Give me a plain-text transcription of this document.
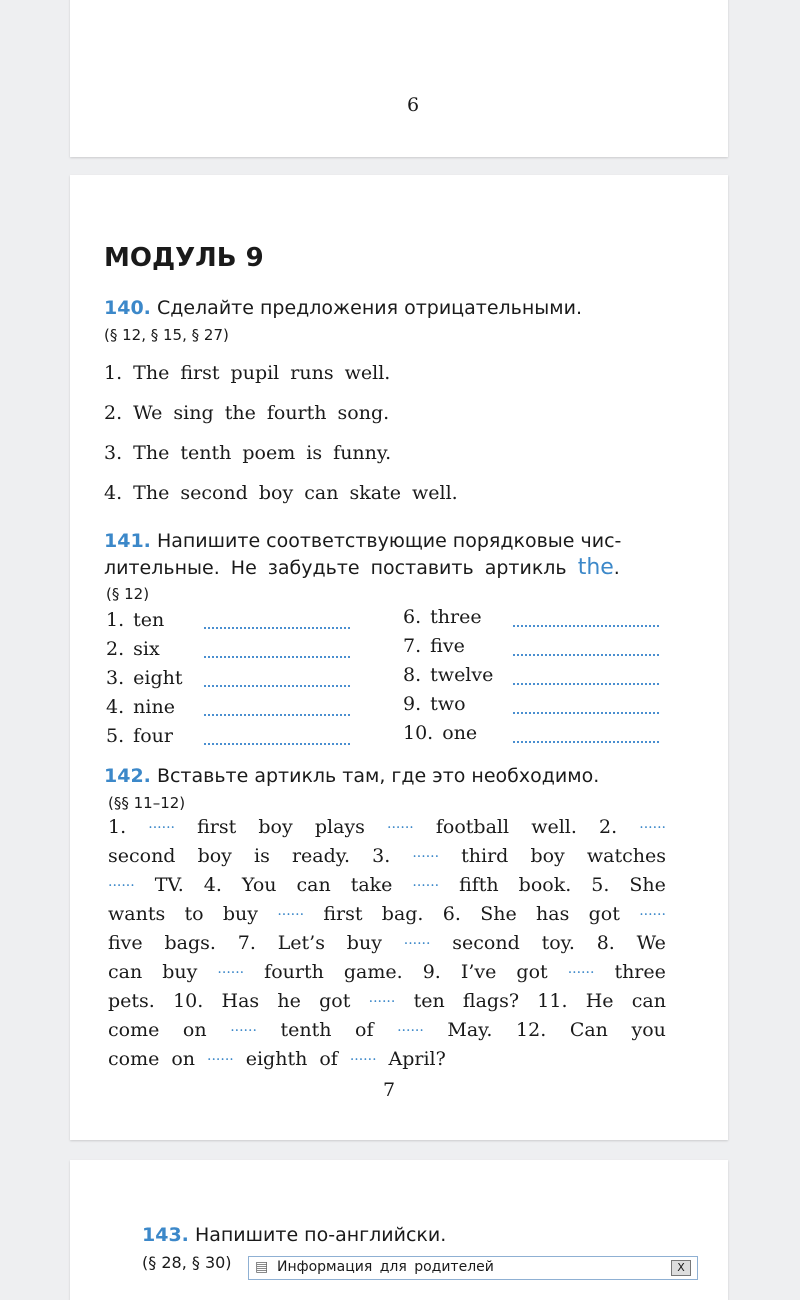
6
МОДУЛЬ 9
140. Сделайте предложения отрицательными.
(§ 12, § 15, § 27)
1. The first pupil runs well.
2. We sing the fourth song.
3. The tenth poem is funny.
4. The second boy can skate well.
141. Напишите соответствующие порядковые чис-
лительные. Не забудьте поставить артикль the.
(§ 12)
1. ten	6. three
2. six	7. five
3. eight	8. twelve
4. nine	9. two
5. four	10. one
142. Вставьте артикль там, где это необходимо.
(§§ 11–12)
1. ...... first boy plays ...... football well. 2. ......
second boy is ready. 3. ...... third boy watches
...... TV. 4. You can take ...... fifth book. 5. She
wants to buy ...... first bag. 6. She has got ......
five bags. 7. Let’s buy ...... second toy. 8. We
can buy ...... fourth game. 9. I’ve got ...... three
pets. 10. Has he got ...... ten flags? 11. He can
come on ...... tenth of ...... May. 12. Can you
come on ...... eighth of ...... April?
7
143. Напишите по-английски.
(§ 28, § 30) ▤ Информация для родителей	X
